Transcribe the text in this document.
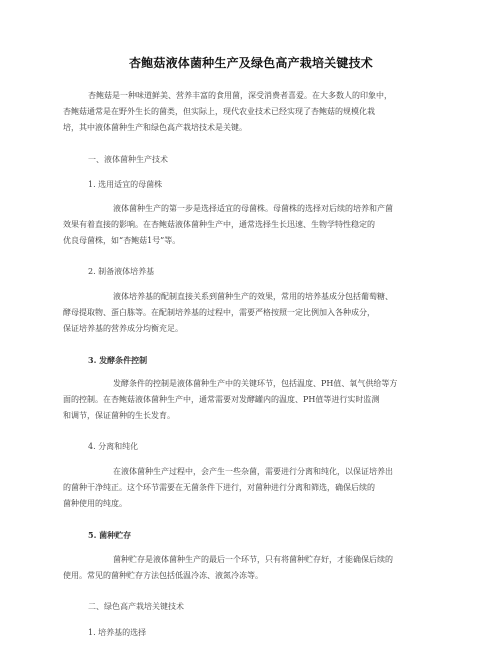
杏鲍菇液体菌种生产及绿色高产栽培关键技术
杏鲍菇是一种味道鲜美、营养丰富的食用菌，深受消费者喜爱。在大多数人的印象中，
杏鲍菇通常是在野外生长的菌类，但实际上，现代农业技术已经实现了杏鲍菇的规模化栽
培，其中液体菌种生产和绿色高产栽培技术是关键。
一、液体菌种生产技术
1. 选用适宜的母菌株
液体菌种生产的第一步是选择适宜的母菌株。母菌株的选择对后续的培养和产菌
效果有着直接的影响。在杏鲍菇液体菌种生产中，通常选择生长迅速、生物学特性稳定的
优良母菌株，如“杏鲍菇1号”等。
2. 制备液体培养基
液体培养基的配制直接关系到菌种生产的效果，常用的培养基成分包括葡萄糖、
酵母提取物、蛋白胨等。在配制培养基的过程中，需要严格按照一定比例加入各种成分，
保证培养基的营养成分均衡充足。
3. 发酵条件控制
发酵条件的控制是液体菌种生产中的关键环节，包括温度、PH值、氧气供给等方
面的控制。在杏鲍菇液体菌种生产中，通常需要对发酵罐内的温度、PH值等进行实时监测
和调节，保证菌种的生长发育。
4. 分离和纯化
在液体菌种生产过程中，会产生一些杂菌，需要进行分离和纯化，以保证培养出
的菌种干净纯正。这个环节需要在无菌条件下进行，对菌种进行分离和筛选，确保后续的
菌种使用的纯度。
5. 菌种贮存
菌种贮存是液体菌种生产的最后一个环节，只有将菌种贮存好，才能确保后续的
使用。常见的菌种贮存方法包括低温冷冻、液氮冷冻等。
二、绿色高产栽培关键技术
1. 培养基的选择
